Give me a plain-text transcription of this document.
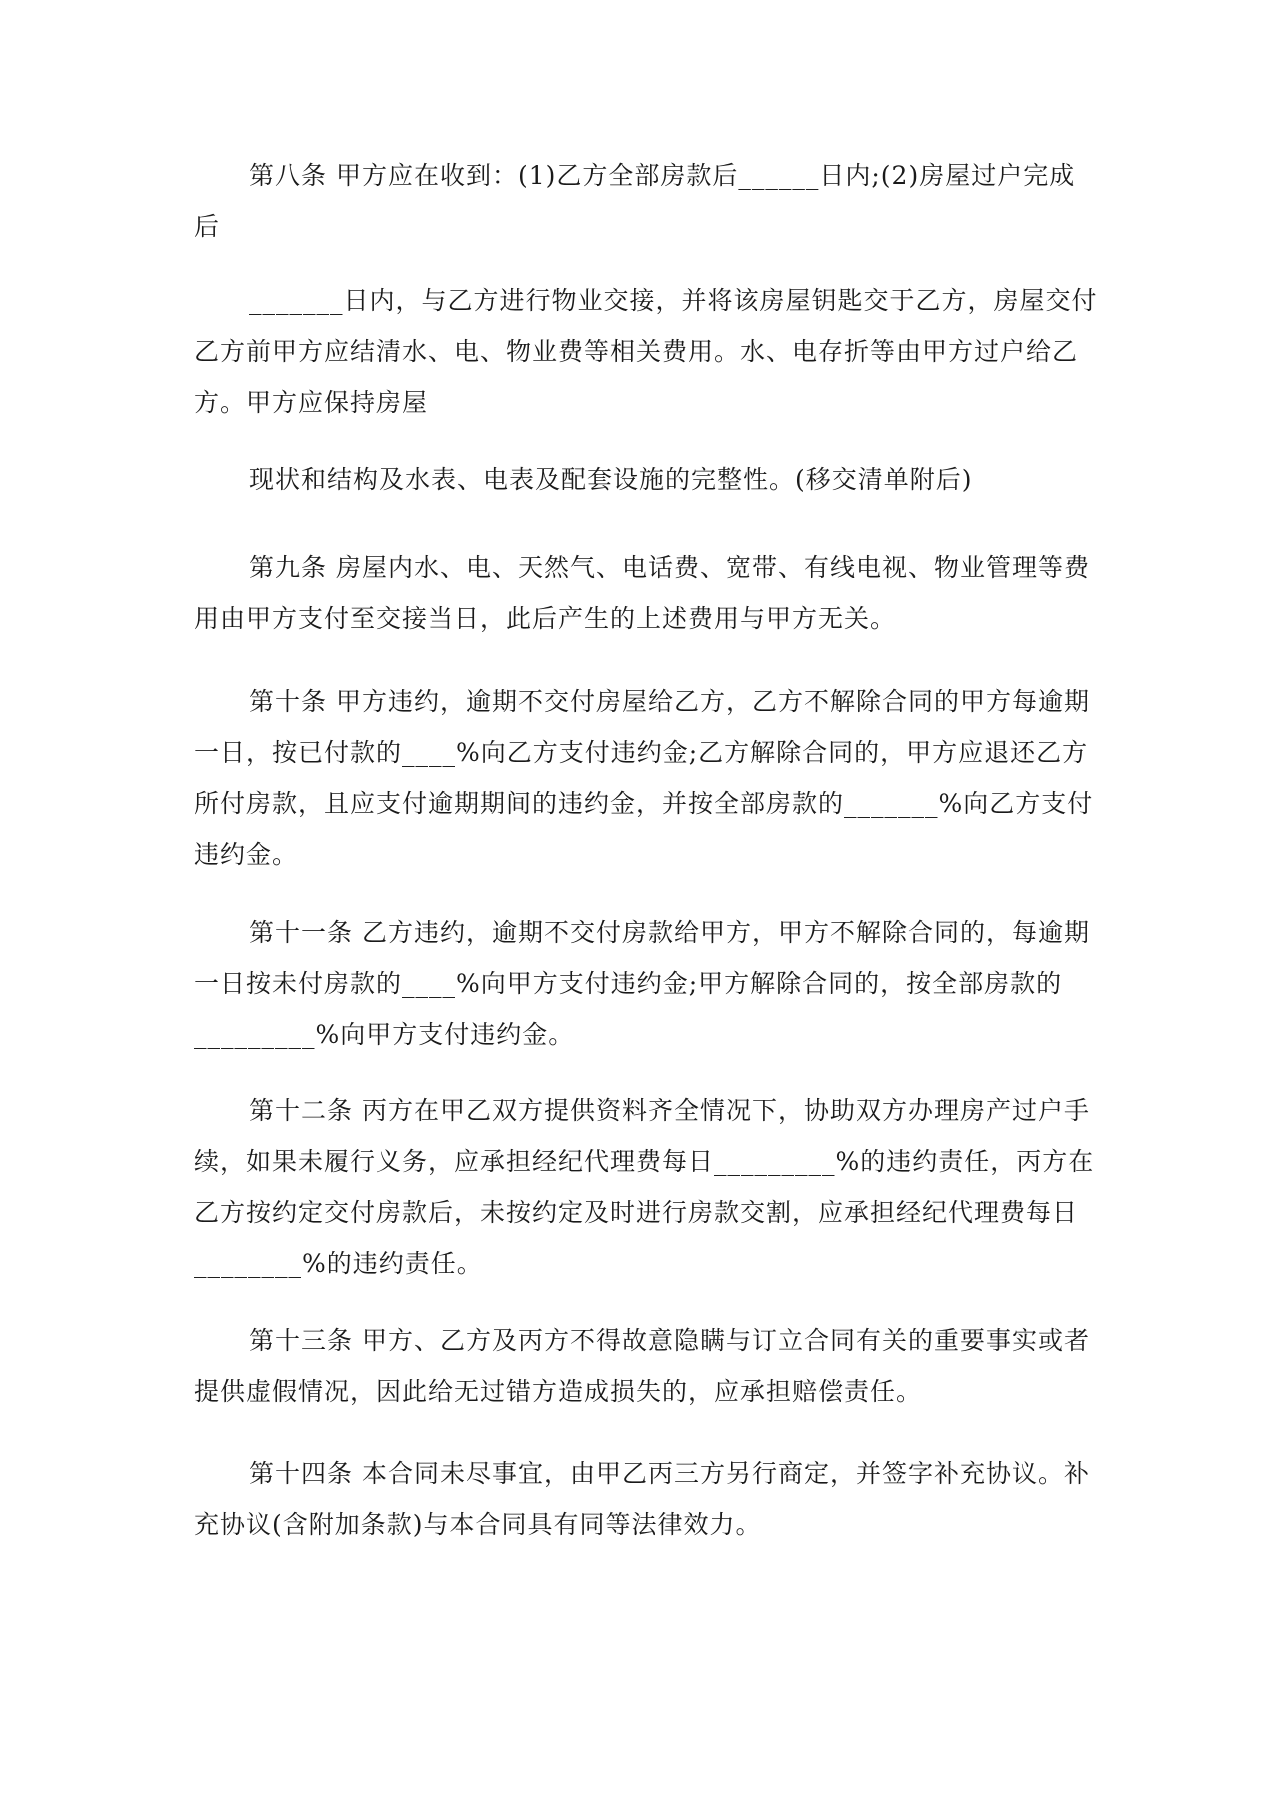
第八条 甲方应在收到：(1)乙方全部房款后______日内;(2)房屋过户完成
后

_______日内，与乙方进行物业交接，并将该房屋钥匙交于乙方，房屋交付
乙方前甲方应结清水、电、物业费等相关费用。水、电存折等由甲方过户给乙
方。甲方应保持房屋

现状和结构及水表、电表及配套设施的完整性。(移交清单附后)

第九条 房屋内水、电、天然气、电话费、宽带、有线电视、物业管理等费
用由甲方支付至交接当日，此后产生的上述费用与甲方无关。

第十条 甲方违约，逾期不交付房屋给乙方，乙方不解除合同的甲方每逾期
一日，按已付款的____%向乙方支付违约金;乙方解除合同的，甲方应退还乙方
所付房款，且应支付逾期期间的违约金，并按全部房款的_______%向乙方支付
违约金。

第十一条 乙方违约，逾期不交付房款给甲方，甲方不解除合同的，每逾期
一日按未付房款的____%向甲方支付违约金;甲方解除合同的，按全部房款的
_________%向甲方支付违约金。

第十二条 丙方在甲乙双方提供资料齐全情况下，协助双方办理房产过户手
续，如果未履行义务，应承担经纪代理费每日_________%的违约责任，丙方在
乙方按约定交付房款后，未按约定及时进行房款交割，应承担经纪代理费每日
________%的违约责任。

第十三条 甲方、乙方及丙方不得故意隐瞒与订立合同有关的重要事实或者
提供虚假情况，因此给无过错方造成损失的，应承担赔偿责任。

第十四条 本合同未尽事宜，由甲乙丙三方另行商定，并签字补充协议。补
充协议(含附加条款)与本合同具有同等法律效力。
